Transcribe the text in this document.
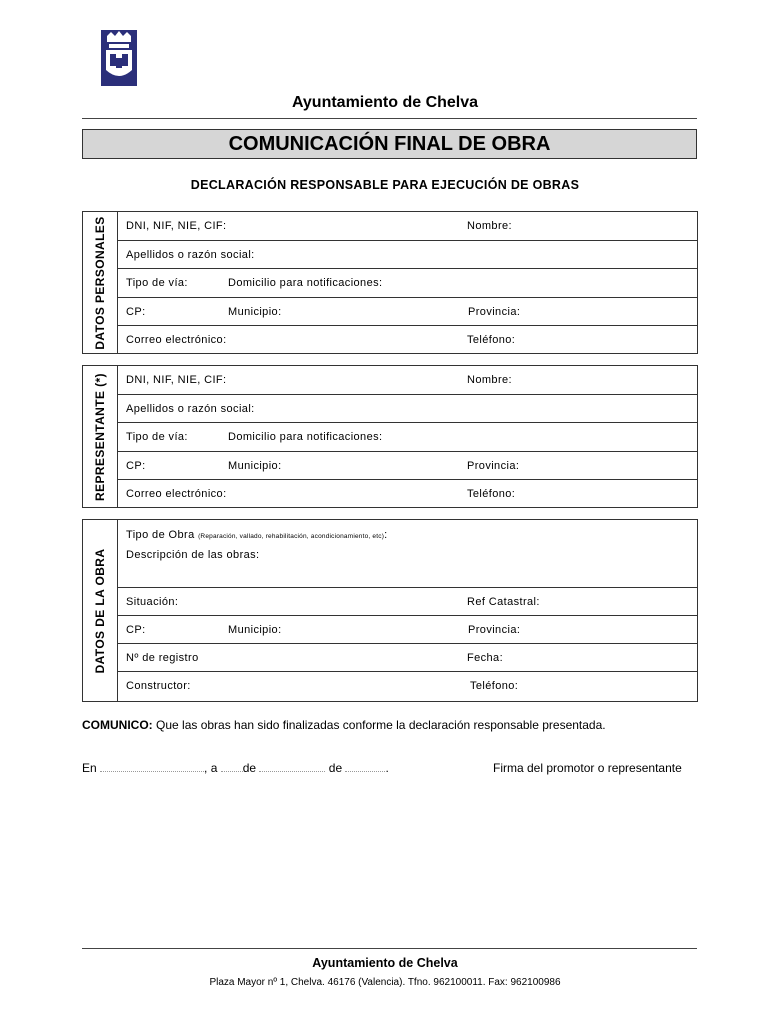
Ayuntamiento de Chelva
COMUNICACIÓN FINAL DE OBRA
DECLARACIÓN RESPONSABLE PARA EJECUCIÓN DE OBRAS
DATOS PERSONALES DNI, NIF, NIE, CIF:	Nombre:
Apellidos o razón social:
Tipo de vía:	Domicilio para notificaciones:
CP:	Municipio:	Provincia:
Correo electrónico:	Teléfono:
REPRESENTANTE (*) DNI, NIF, NIE, CIF:	Nombre:
Apellidos o razón social:
Tipo de vía:	Domicilio para notificaciones:
CP:	Municipio:	Provincia:
Correo electrónico:	Teléfono:
DATOS DE LA OBRA
Tipo de Obra (Reparación, vallado, rehabilitación, acondicionamiento, etc):
Descripción de las obras:
Situación:	Ref Catastral:
CP:	Municipio:	Provincia:
Nº de registro	Fecha:
Constructor:	Teléfono:
COMUNICO: Que las obras han sido finalizadas conforme la declaración responsable presentada.
En	, a de	de	.	Firma del promotor o representante
Ayuntamiento de Chelva
Plaza Mayor nº 1, Chelva. 46176 (Valencia). Tfno. 962100011. Fax: 962100986
